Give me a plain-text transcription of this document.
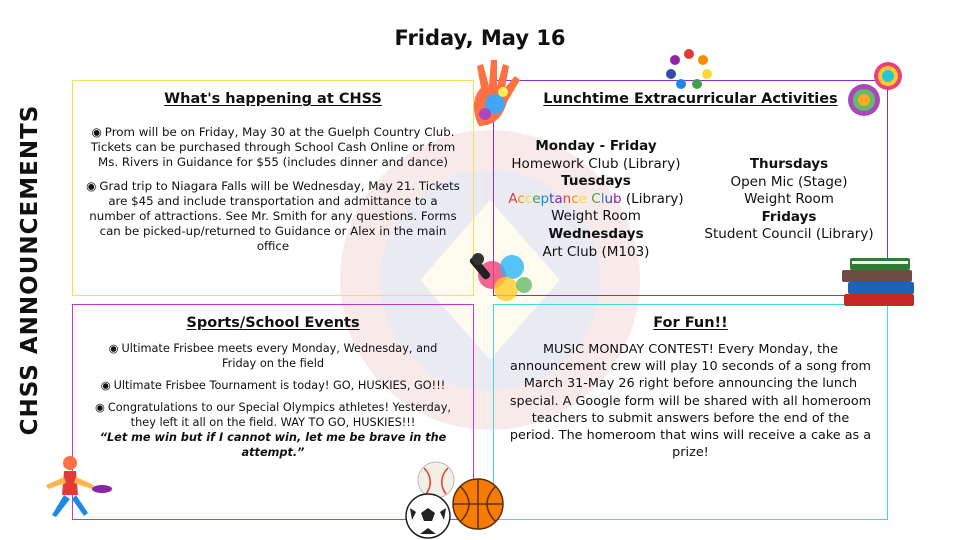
Friday, May 16
CHSS ANNOUNCEMENTS
What's happening at CHSS

◉ Prom will be on Friday, May 30 at the Guelph Country Club. Tickets can be purchased through School Cash Online or from Ms. Rivers in Guidance for $55 (includes dinner and dance)

◉ Grad trip to Niagara Falls will be Wednesday, May 21. Tickets are $45 and include transportation and admittance to a number of attractions. See Mr. Smith for any questions. Forms can be picked-up/returned to Guidance or Alex in the main office

Lunchtime Extracurricular Activities
Monday - Friday
Homework Club (Library)
Tuesdays
Acceptance Club (Library)
Weight Room
Wednesdays
Art Club (M103)
Thursdays
Open Mic (Stage)
Weight Room
Fridays
Student Council (Library)
Sports/School Events

◉ Ultimate Frisbee meets every Monday, Wednesday, and Friday on the field

◉ Ultimate Frisbee Tournament is today! GO, HUSKIES, GO!!!

◉ Congratulations to our Special Olympics athletes! Yesterday, they left it all on the field. WAY TO GO, HUSKIES!!!

“Let me win but if I cannot win, let me be brave in the attempt.”
For Fun!!
MUSIC MONDAY CONTEST! Every Monday, the announcement crew will play 10 seconds of a song from March 31-May 26 right before announcing the lunch special. A Google form will be shared with all homeroom teachers to submit answers before the end of the period. The homeroom that wins will receive a cake as a prize!
